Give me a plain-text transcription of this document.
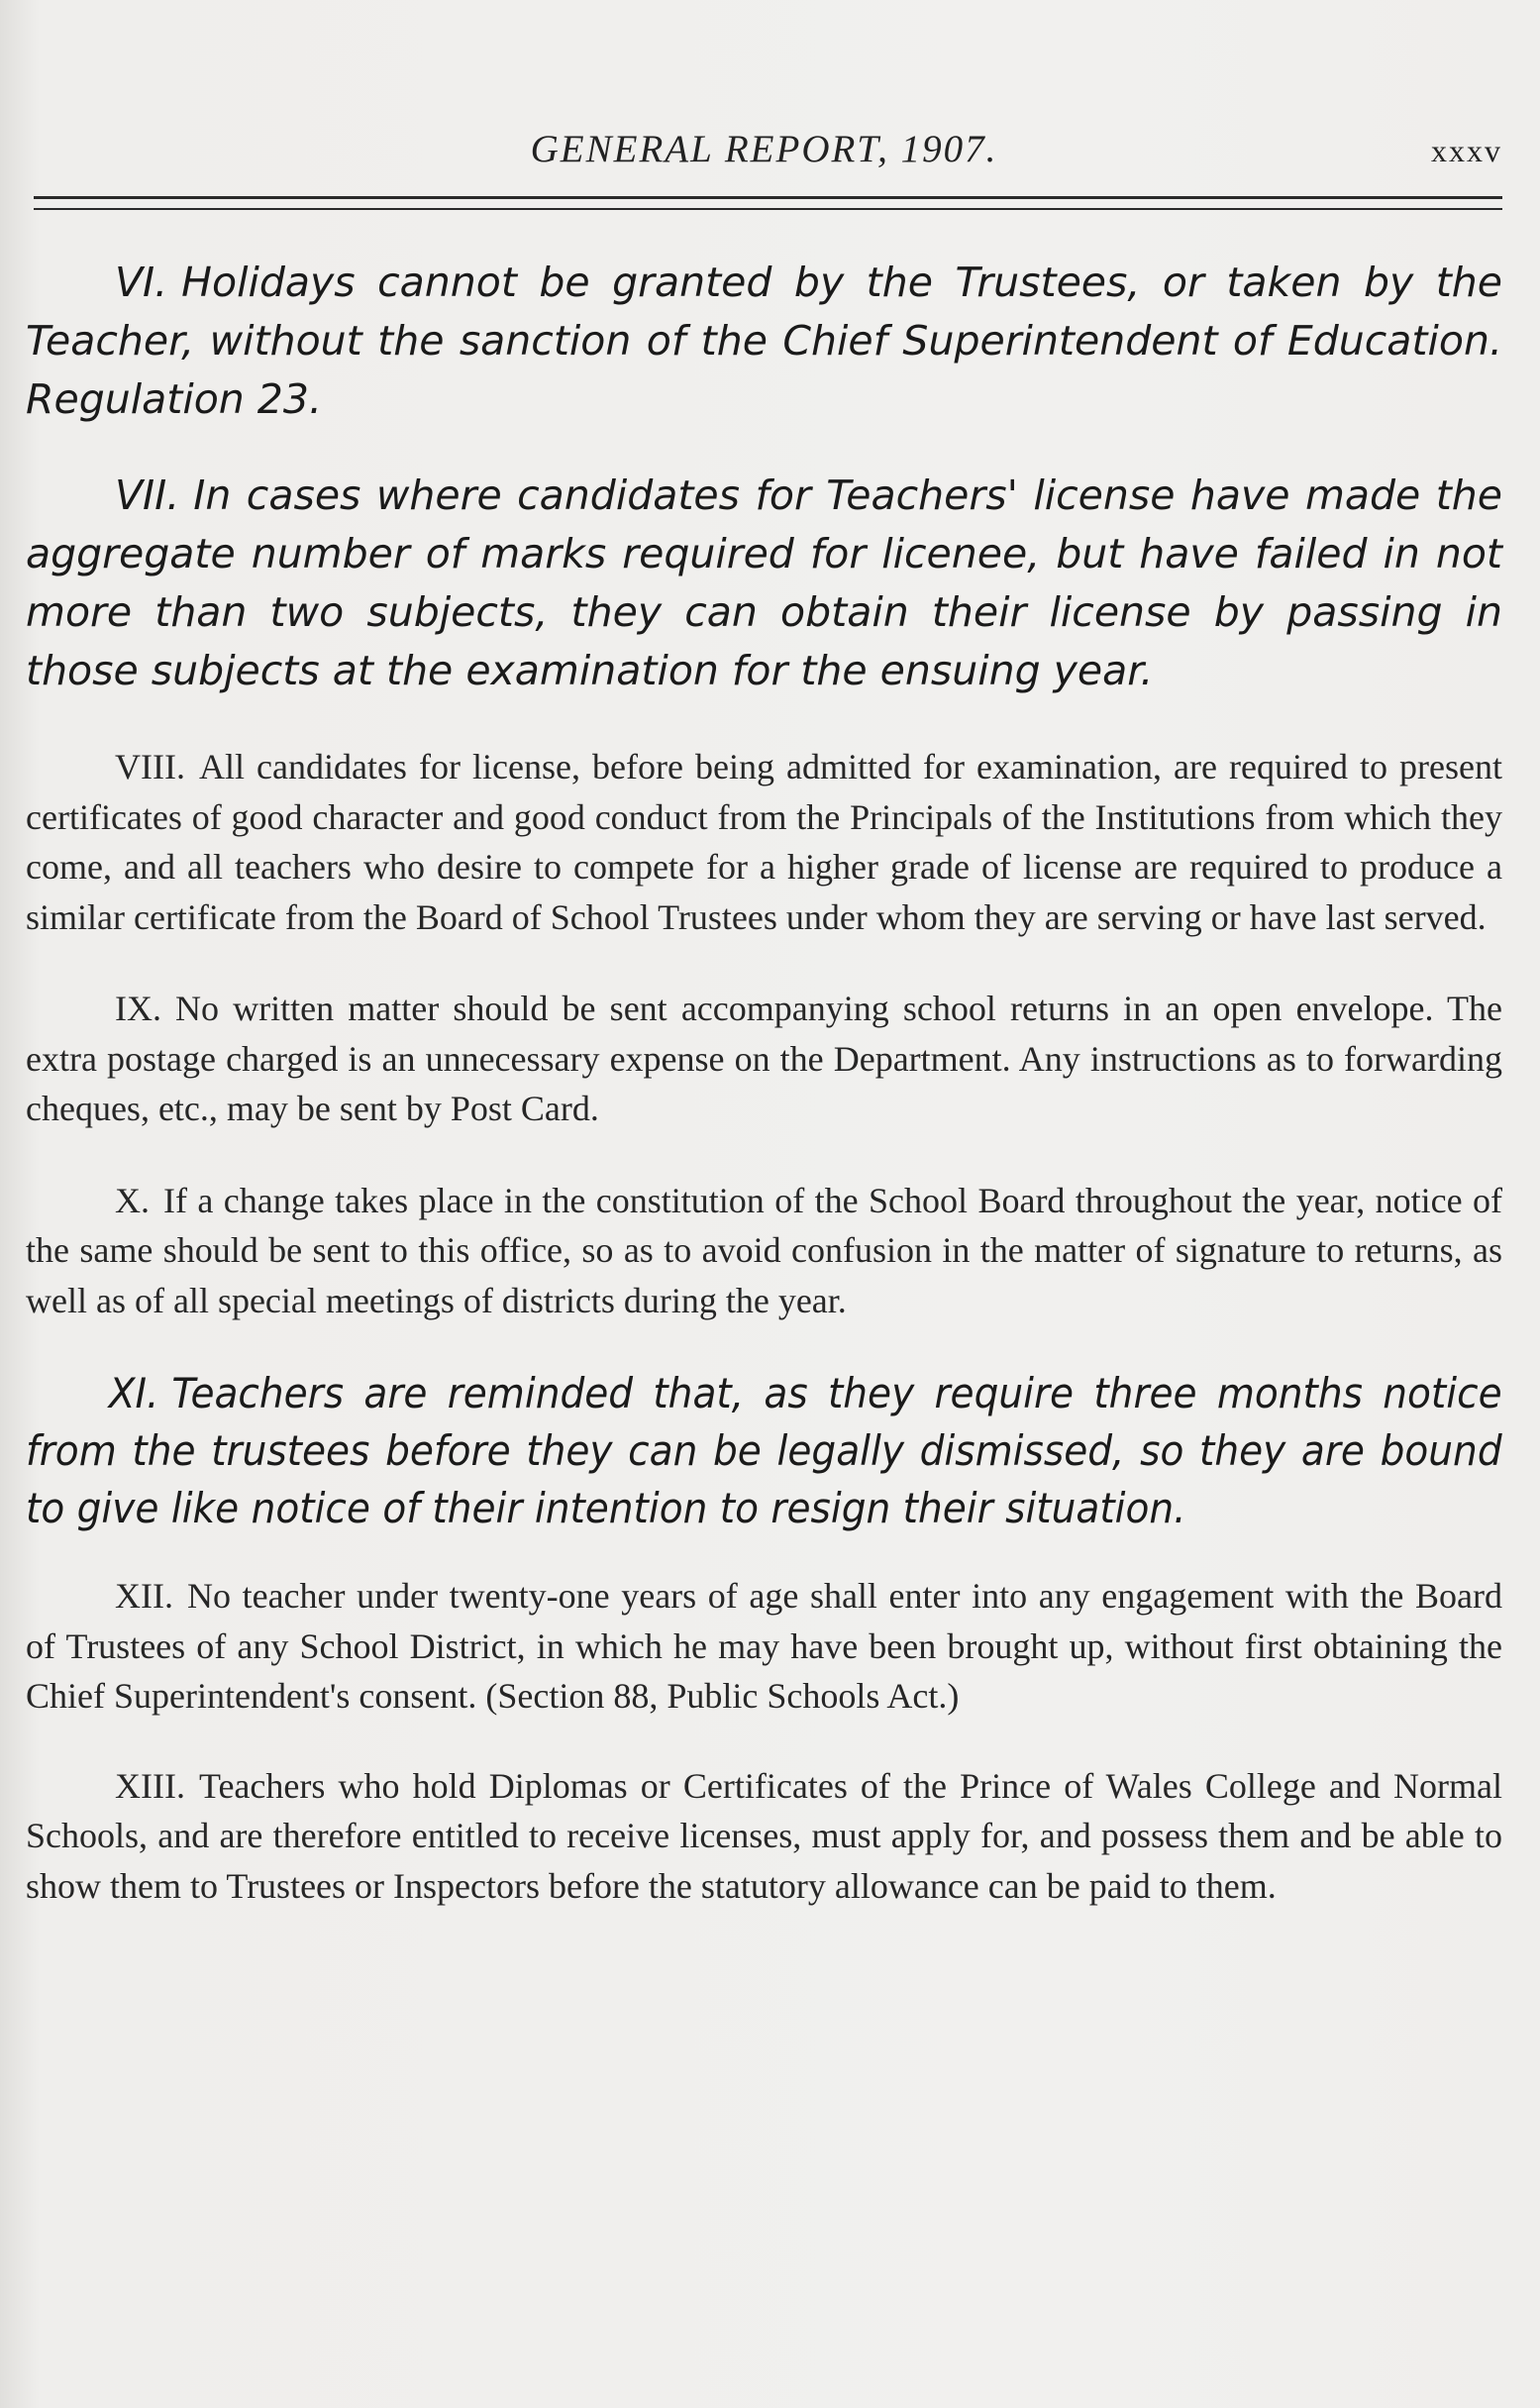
GENERAL REPORT, 1907.	xxxv

VI. Holidays cannot be granted by the Trustees, or taken by the Teacher, without the sanction of the Chief Superintendent of Education. Regulation 23.

VII. In cases where candidates for Teachers' license have made the aggregate number of marks required for licenee, but have failed in not more than two subjects, they can obtain their license by passing in those subjects at the examination for the ensuing year.

VIII. All candidates for license, before being admitted for examination, are required to present certificates of good character and good conduct from the Principals of the Institutions from which they come, and all teachers who desire to compete for a higher grade of license are required to produce a similar certificate from the Board of School Trustees under whom they are serving or have last served.

IX. No written matter should be sent accompanying school returns in an open envelope. The extra postage charged is an unnecessary expense on the Department. Any instructions as to forwarding cheques, etc., may be sent by Post Card.

X. If a change takes place in the constitution of the School Board throughout the year, notice of the same should be sent to this office, so as to avoid confusion in the matter of signature to returns, as well as of all special meetings of districts during the year.

XI. Teachers are reminded that, as they require three months notice from the trustees before they can be legally dismissed, so they are bound to give like notice of their intention to resign their situation.

XII. No teacher under twenty-one years of age shall enter into any engagement with the Board of Trustees of any School District, in which he may have been brought up, without first obtaining the Chief Superintendent's consent. (Section 88, Public Schools Act.)

XIII. Teachers who hold Diplomas or Certificates of the Prince of Wales College and Normal Schools, and are therefore entitled to receive licenses, must apply for, and possess them and be able to show them to Trustees or Inspectors before the statutory allowance can be paid to them.
